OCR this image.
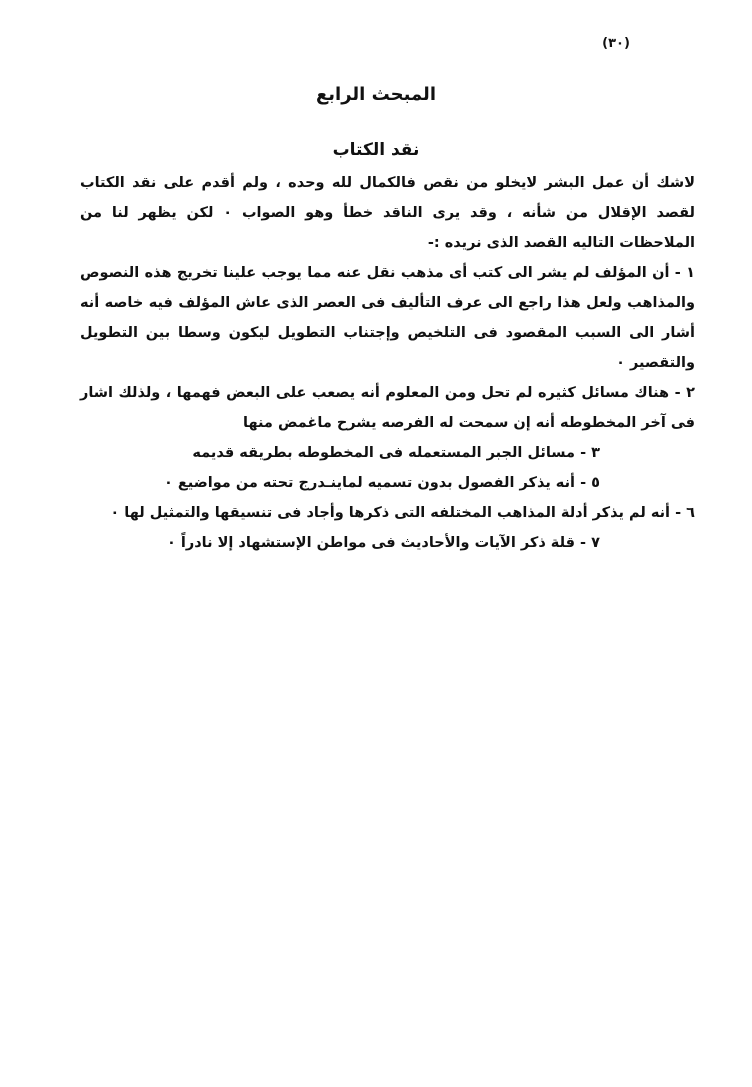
(٣٠)
المبحث الرابع
نقد الكتاب

لاشك أن عمل البشر لايخلو من نقص فالكمال لله وحده ، ولم أقدم على نقد الكتاب لقصد الإقلال من شأنه ، وقد يرى الناقد خطأ وهو الصواب ٠ لكن يظهر لنا من الملاحظات التاليه القصد الذى نريده :-

١ - أن المؤلف لم يشر الى كتب أى مذهب نقل عنه مما يوجب علينا تخريج هذه النصوص والمذاهب ولعل هذا راجع الى عرف التأليف فى العصر الذى عاش المؤلف فيه خاصه أنه أشار الى السبب المقصود فى التلخيص وإجتناب التطويل ليكون وسطا بين التطويل والتقصير ٠

٢ - هناك مسائل كثيره لم تحل ومن المعلوم أنه يصعب على البعض فهمها ، ولذلك اشار فى آخر المخطوطه أنه إن سمحت له الفرصه يشرح ماغمض منها

٣ - مسائل الجبر المستعمله فى المخطوطه بطريقه قديمه

٥ - أنه يذكر الفصول بدون تسميه لماينـدرج تحته من مواضيع ٠

٦ - أنه لم يذكر أدلة المذاهب المختلفه التى ذكرها وأجاد فى تنسيقها والتمثيل لها ٠

٧ - قلة ذكر الآيات والأحاديث فى مواطن الإستشهاد إلا نادراً ٠
